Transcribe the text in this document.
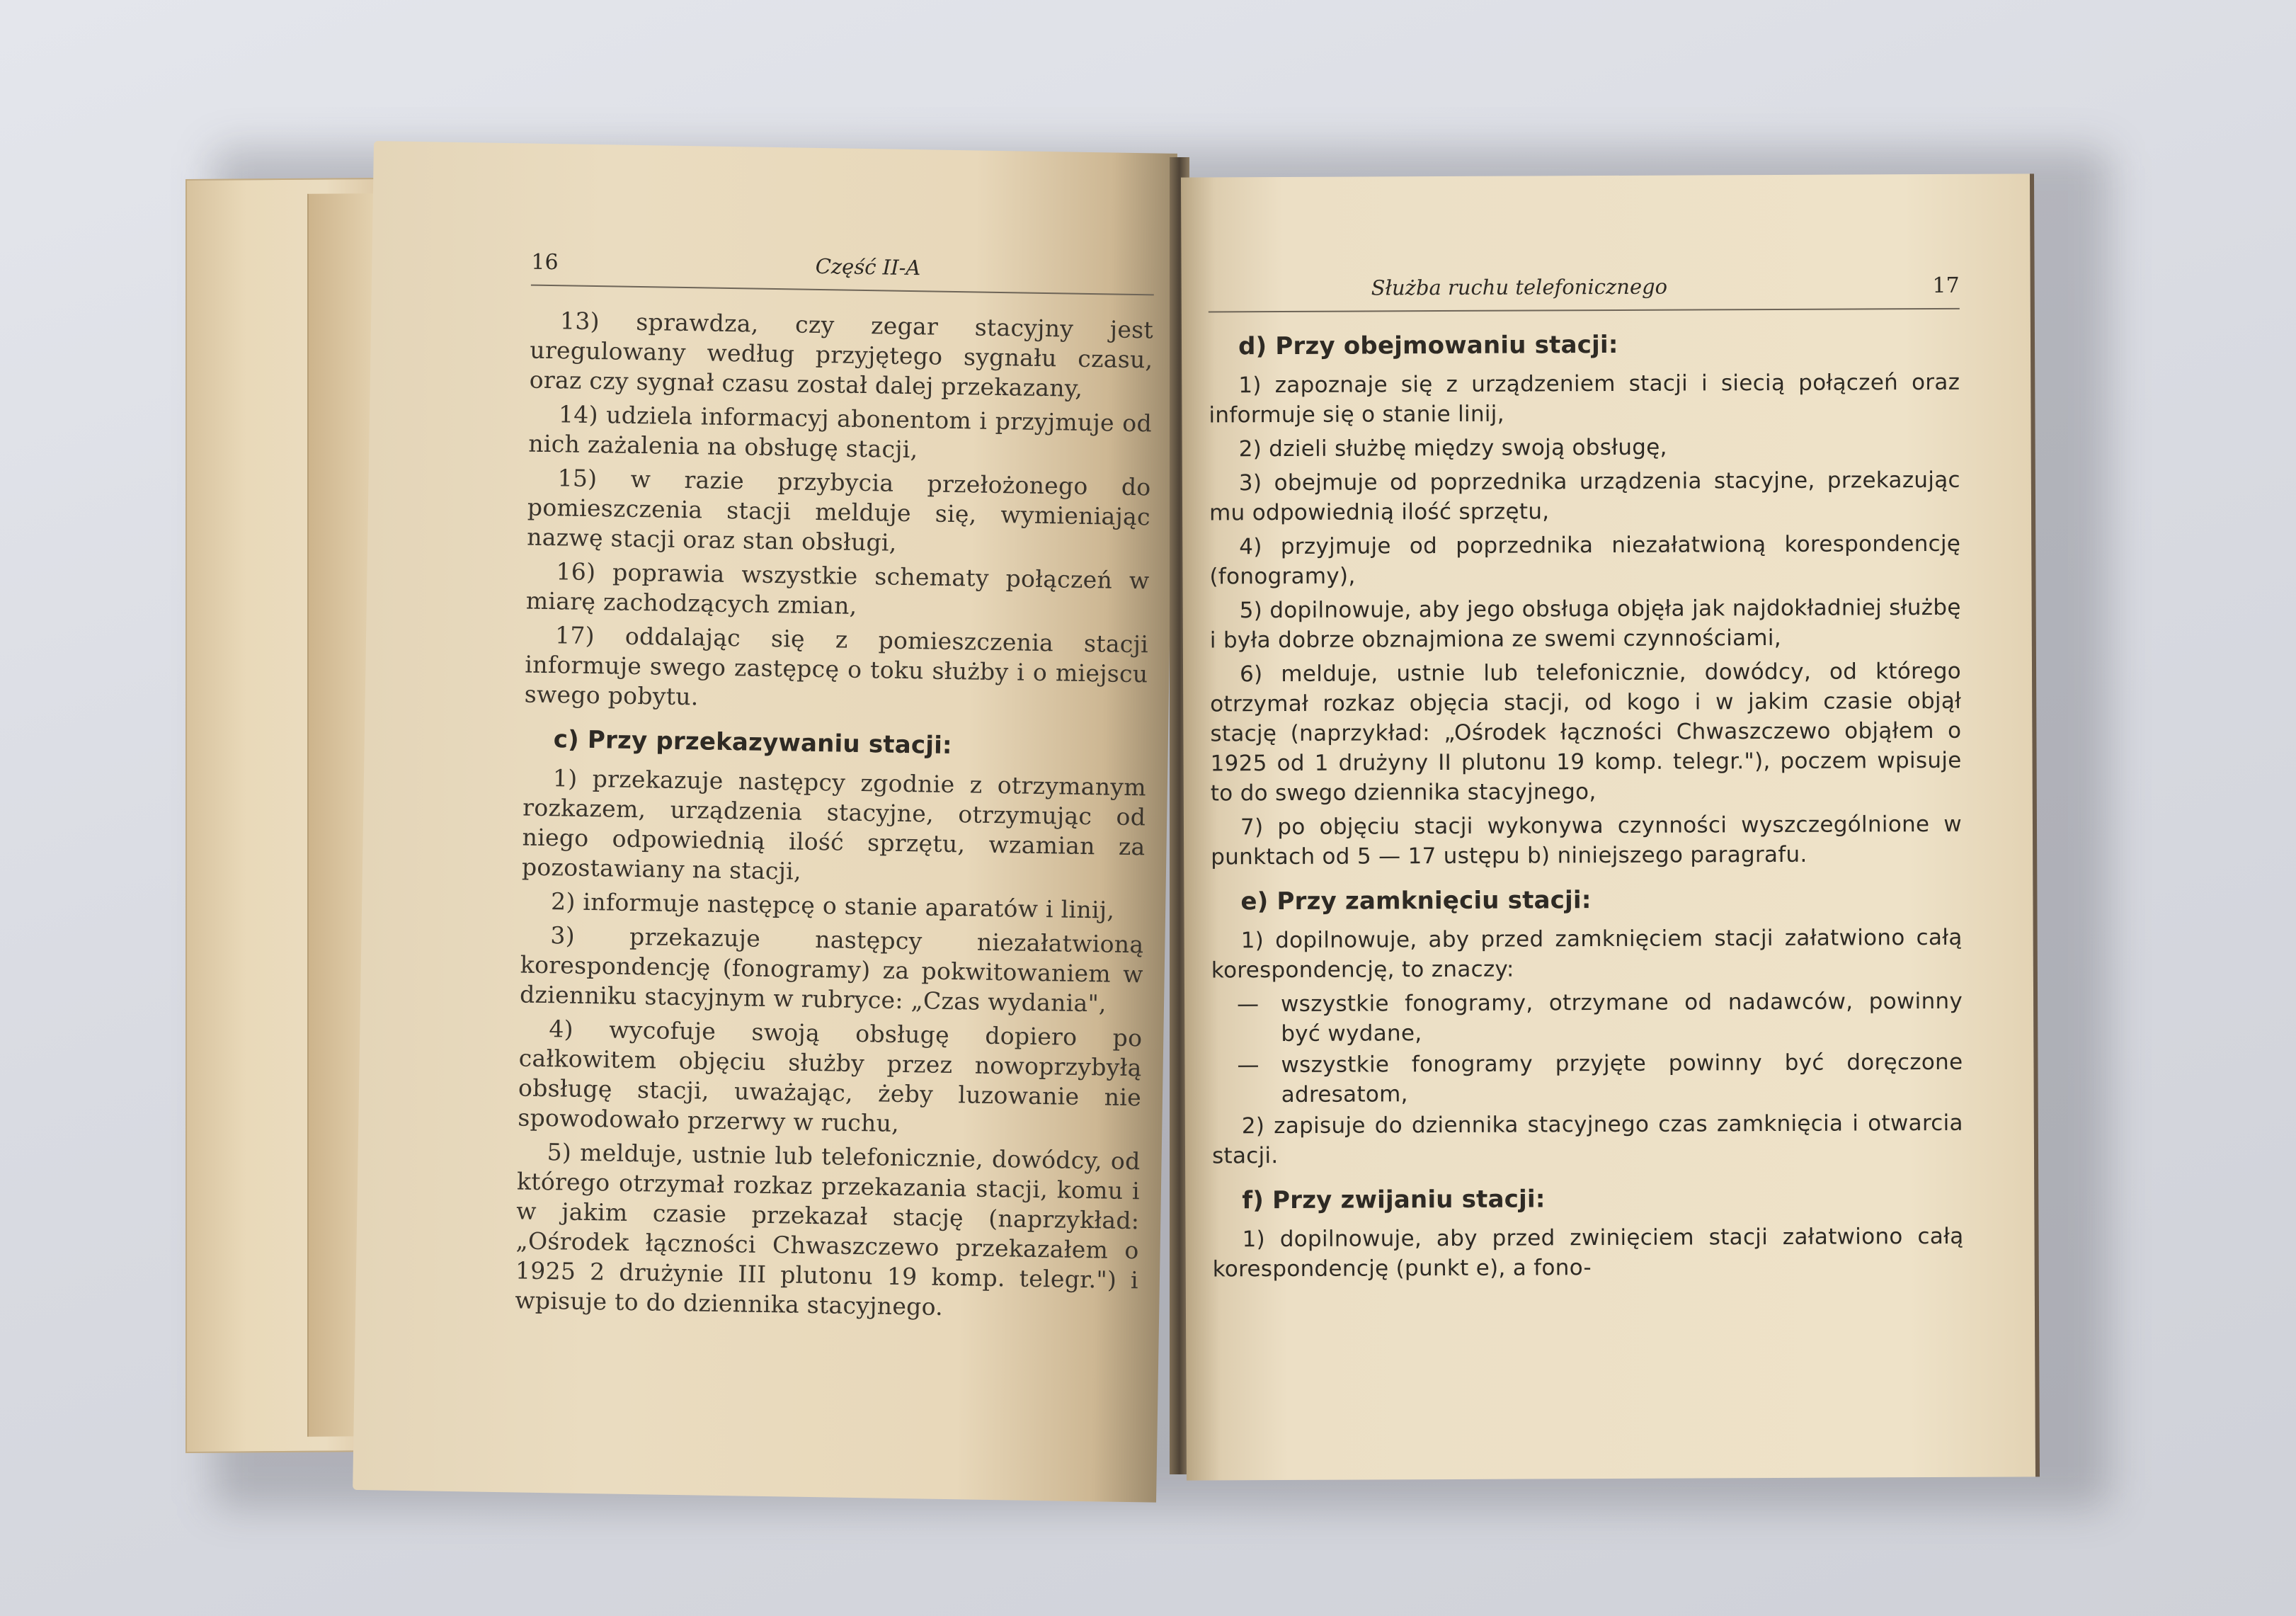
16	Część II-A

13) sprawdza, czy zegar stacyjny jest uregulowany według przyjętego sygnału czasu, oraz czy sygnał czasu został dalej przekazany,

14) udziela informacyj abonentom i przyjmuje od nich zażalenia na obsługę stacji,

15) w razie przybycia przełożonego do pomieszczenia stacji melduje się, wymieniając nazwę stacji oraz stan obsługi,

16) poprawia wszystkie schematy połączeń w miarę zachodzących zmian,

17) oddalając się z pomieszczenia stacji informuje swego zastępcę o toku służby i o miejscu swego pobytu.

c) Przy przekazywaniu stacji:

1) przekazuje następcy zgodnie z otrzymanym rozkazem, urządzenia stacyjne, otrzymując od niego odpowiednią ilość sprzętu, wzamian za pozostawiany na stacji,

2) informuje następcę o stanie aparatów i linij,

3) przekazuje następcy niezałatwioną korespondencję (fonogramy) za pokwitowaniem w dzienniku stacyjnym w rubryce: „Czas wydania",

4) wycofuje swoją obsługę dopiero po całkowitem objęciu służby przez nowoprzybyłą obsługę stacji, uważając, żeby luzowanie nie spowodowało przerwy w ruchu,

5) melduje, ustnie lub telefonicznie, dowódcy, od którego otrzymał rozkaz przekazania stacji, komu i w jakim czasie przekazał stację (naprzykład: „Ośrodek łączności Chwaszczewo przekazałem o 1925 2 drużynie III plutonu 19 komp. telegr.") i wpisuje to do dziennika stacyjnego.

Służba ruchu telefonicznego	17
d) Przy obejmowaniu stacji:

1) zapoznaje się z urządzeniem stacji i siecią połączeń oraz informuje się o stanie linij,

2) dzieli służbę między swoją obsługę,

3) obejmuje od poprzednika urządzenia stacyjne, przekazując mu odpowiednią ilość sprzętu,

4) przyjmuje od poprzednika niezałatwioną korespondencję (fonogramy),

5) dopilnowuje, aby jego obsługa objęła jak najdokładniej służbę i była dobrze obznajmiona ze swemi czynnościami,

6) melduje, ustnie lub telefonicznie, dowódcy, od którego otrzymał rozkaz objęcia stacji, od kogo i w jakim czasie objął stację (naprzykład: „Ośrodek łączności Chwaszczewo objąłem o 1925 od 1 drużyny II plutonu 19 komp. telegr."), poczem wpisuje to do swego dziennika stacyjnego,

7) po objęciu stacji wykonywa czynności wyszczególnione w punktach od 5 — 17 ustępu b) niniejszego paragrafu.

e) Przy zamknięciu stacji:

1) dopilnowuje, aby przed zamknięciem stacji załatwiono całą korespondencję, to znaczy:

— wszystkie fonogramy, otrzymane od nadawców, powinny być wydane,
— wszystkie fonogramy przyjęte powinny być doręczone adresatom,

2) zapisuje do dziennika stacyjnego czas zamknięcia i otwarcia stacji.

f) Przy zwijaniu stacji:

1) dopilnowuje, aby przed zwinięciem stacji załatwiono całą korespondencję (punkt e), a fono-
